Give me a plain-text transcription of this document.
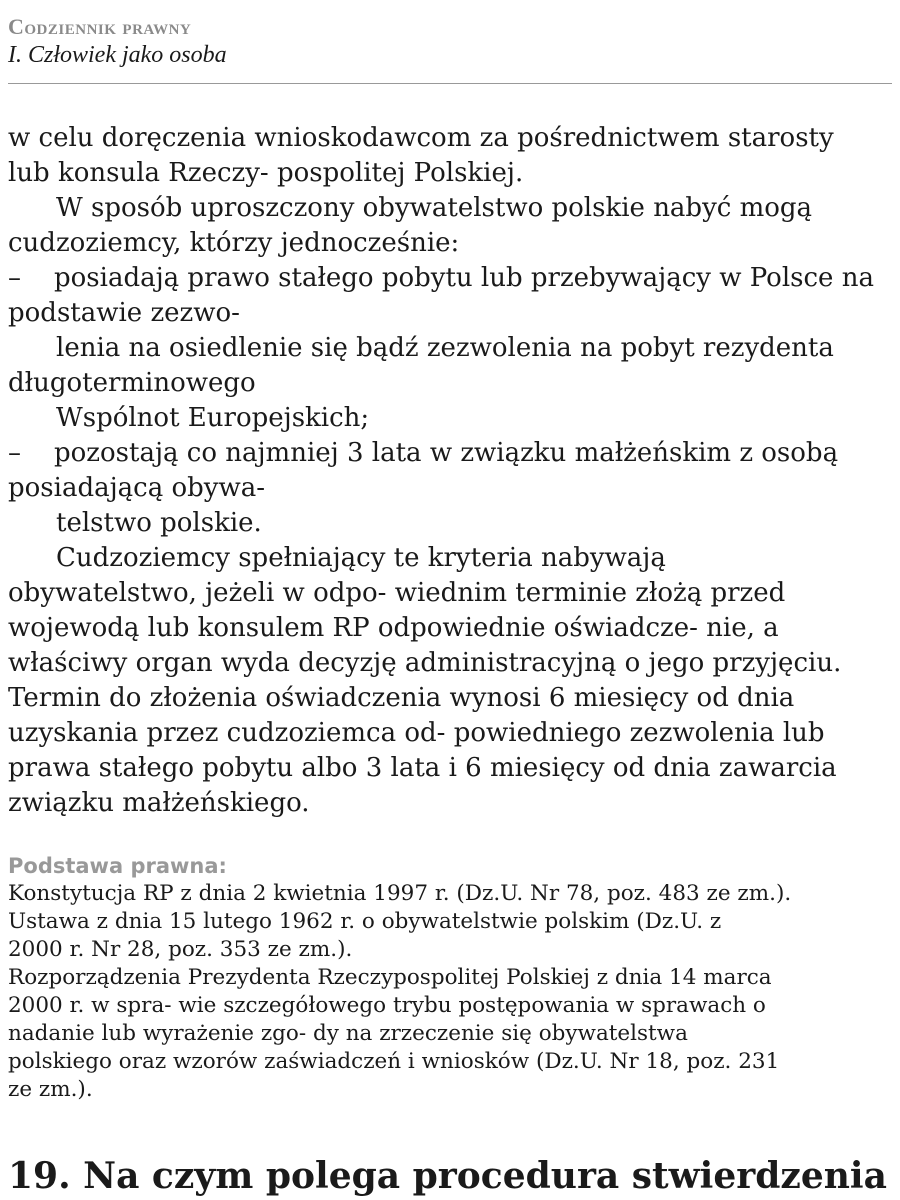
Codziennik prawny
I. Człowiek jako osoba
w celu doręczenia wnioskodawcom za pośrednictwem starosty
lub konsula Rzeczy- pospolitej Polskiej.
W sposób uproszczony obywatelstwo polskie nabyć mogą
cudzoziemcy, którzy jednocześnie:
– posiadają prawo stałego pobytu lub przebywający w Polsce na
podstawie zezwo-
lenia na osiedlenie się bądź zezwolenia na pobyt rezydenta
długoterminowego
Wspólnot Europejskich;
– pozostają co najmniej 3 lata w związku małżeńskim z osobą
posiadającą obywa-
telstwo polskie.
Cudzoziemcy spełniający te kryteria nabywają
obywatelstwo, jeżeli w odpo- wiednim terminie złożą przed
wojewodą lub konsulem RP odpowiednie oświadcze- nie, a
właściwy organ wyda decyzję administracyjną o jego przyjęciu.
Termin do złożenia oświadczenia wynosi 6 miesięcy od dnia
uzyskania przez cudzoziemca od- powiedniego zezwolenia lub
prawa stałego pobytu albo 3 lata i 6 miesięcy od dnia zawarcia
związku małżeńskiego.
Podstawa prawna:
Konstytucja RP z dnia 2 kwietnia 1997 r. (Dz.U. Nr 78, poz. 483 ze zm.).
Ustawa z dnia 15 lutego 1962 r. o obywatelstwie polskim (Dz.U. z
2000 r. Nr 28, poz. 353 ze zm.).
Rozporządzenia Prezydenta Rzeczypospolitej Polskiej z dnia 14 marca
2000 r. w spra- wie szczegółowego trybu postępowania w sprawach o
nadanie lub wyrażenie zgo- dy na zrzeczenie się obywatelstwa
polskiego oraz wzorów zaświadczeń i wniosków (Dz.U. Nr 18, poz. 231
ze zm.).
19. Na czym polega procedura stwierdzenia
